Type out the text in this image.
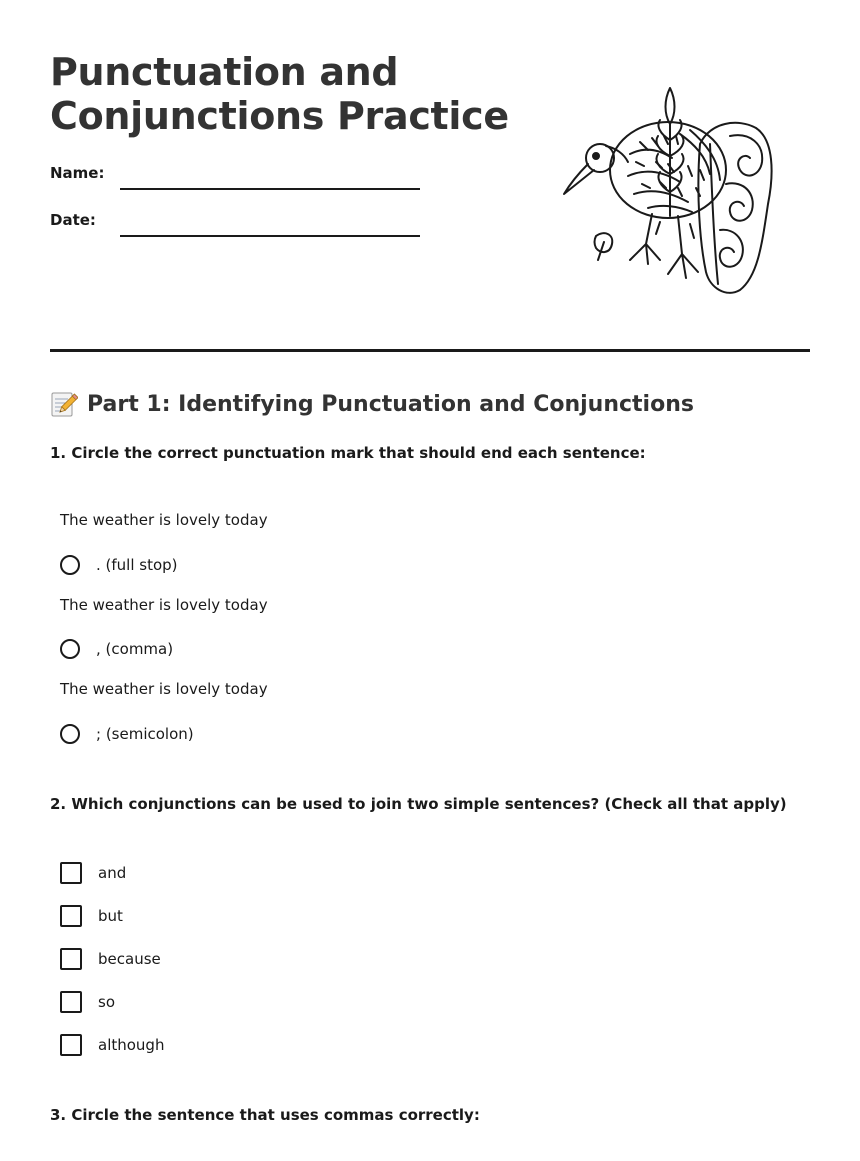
Punctuation and
Conjunctions Practice
Name:
Date:
Part 1: Identifying Punctuation and Conjunctions
1. Circle the correct punctuation mark that should end each sentence:
The weather is lovely today
. (full stop)
The weather is lovely today
, (comma)
The weather is lovely today
; (semicolon)
2. Which conjunctions can be used to join two simple sentences? (Check all that apply)
and
but
because
so
although
3. Circle the sentence that uses commas correctly:
